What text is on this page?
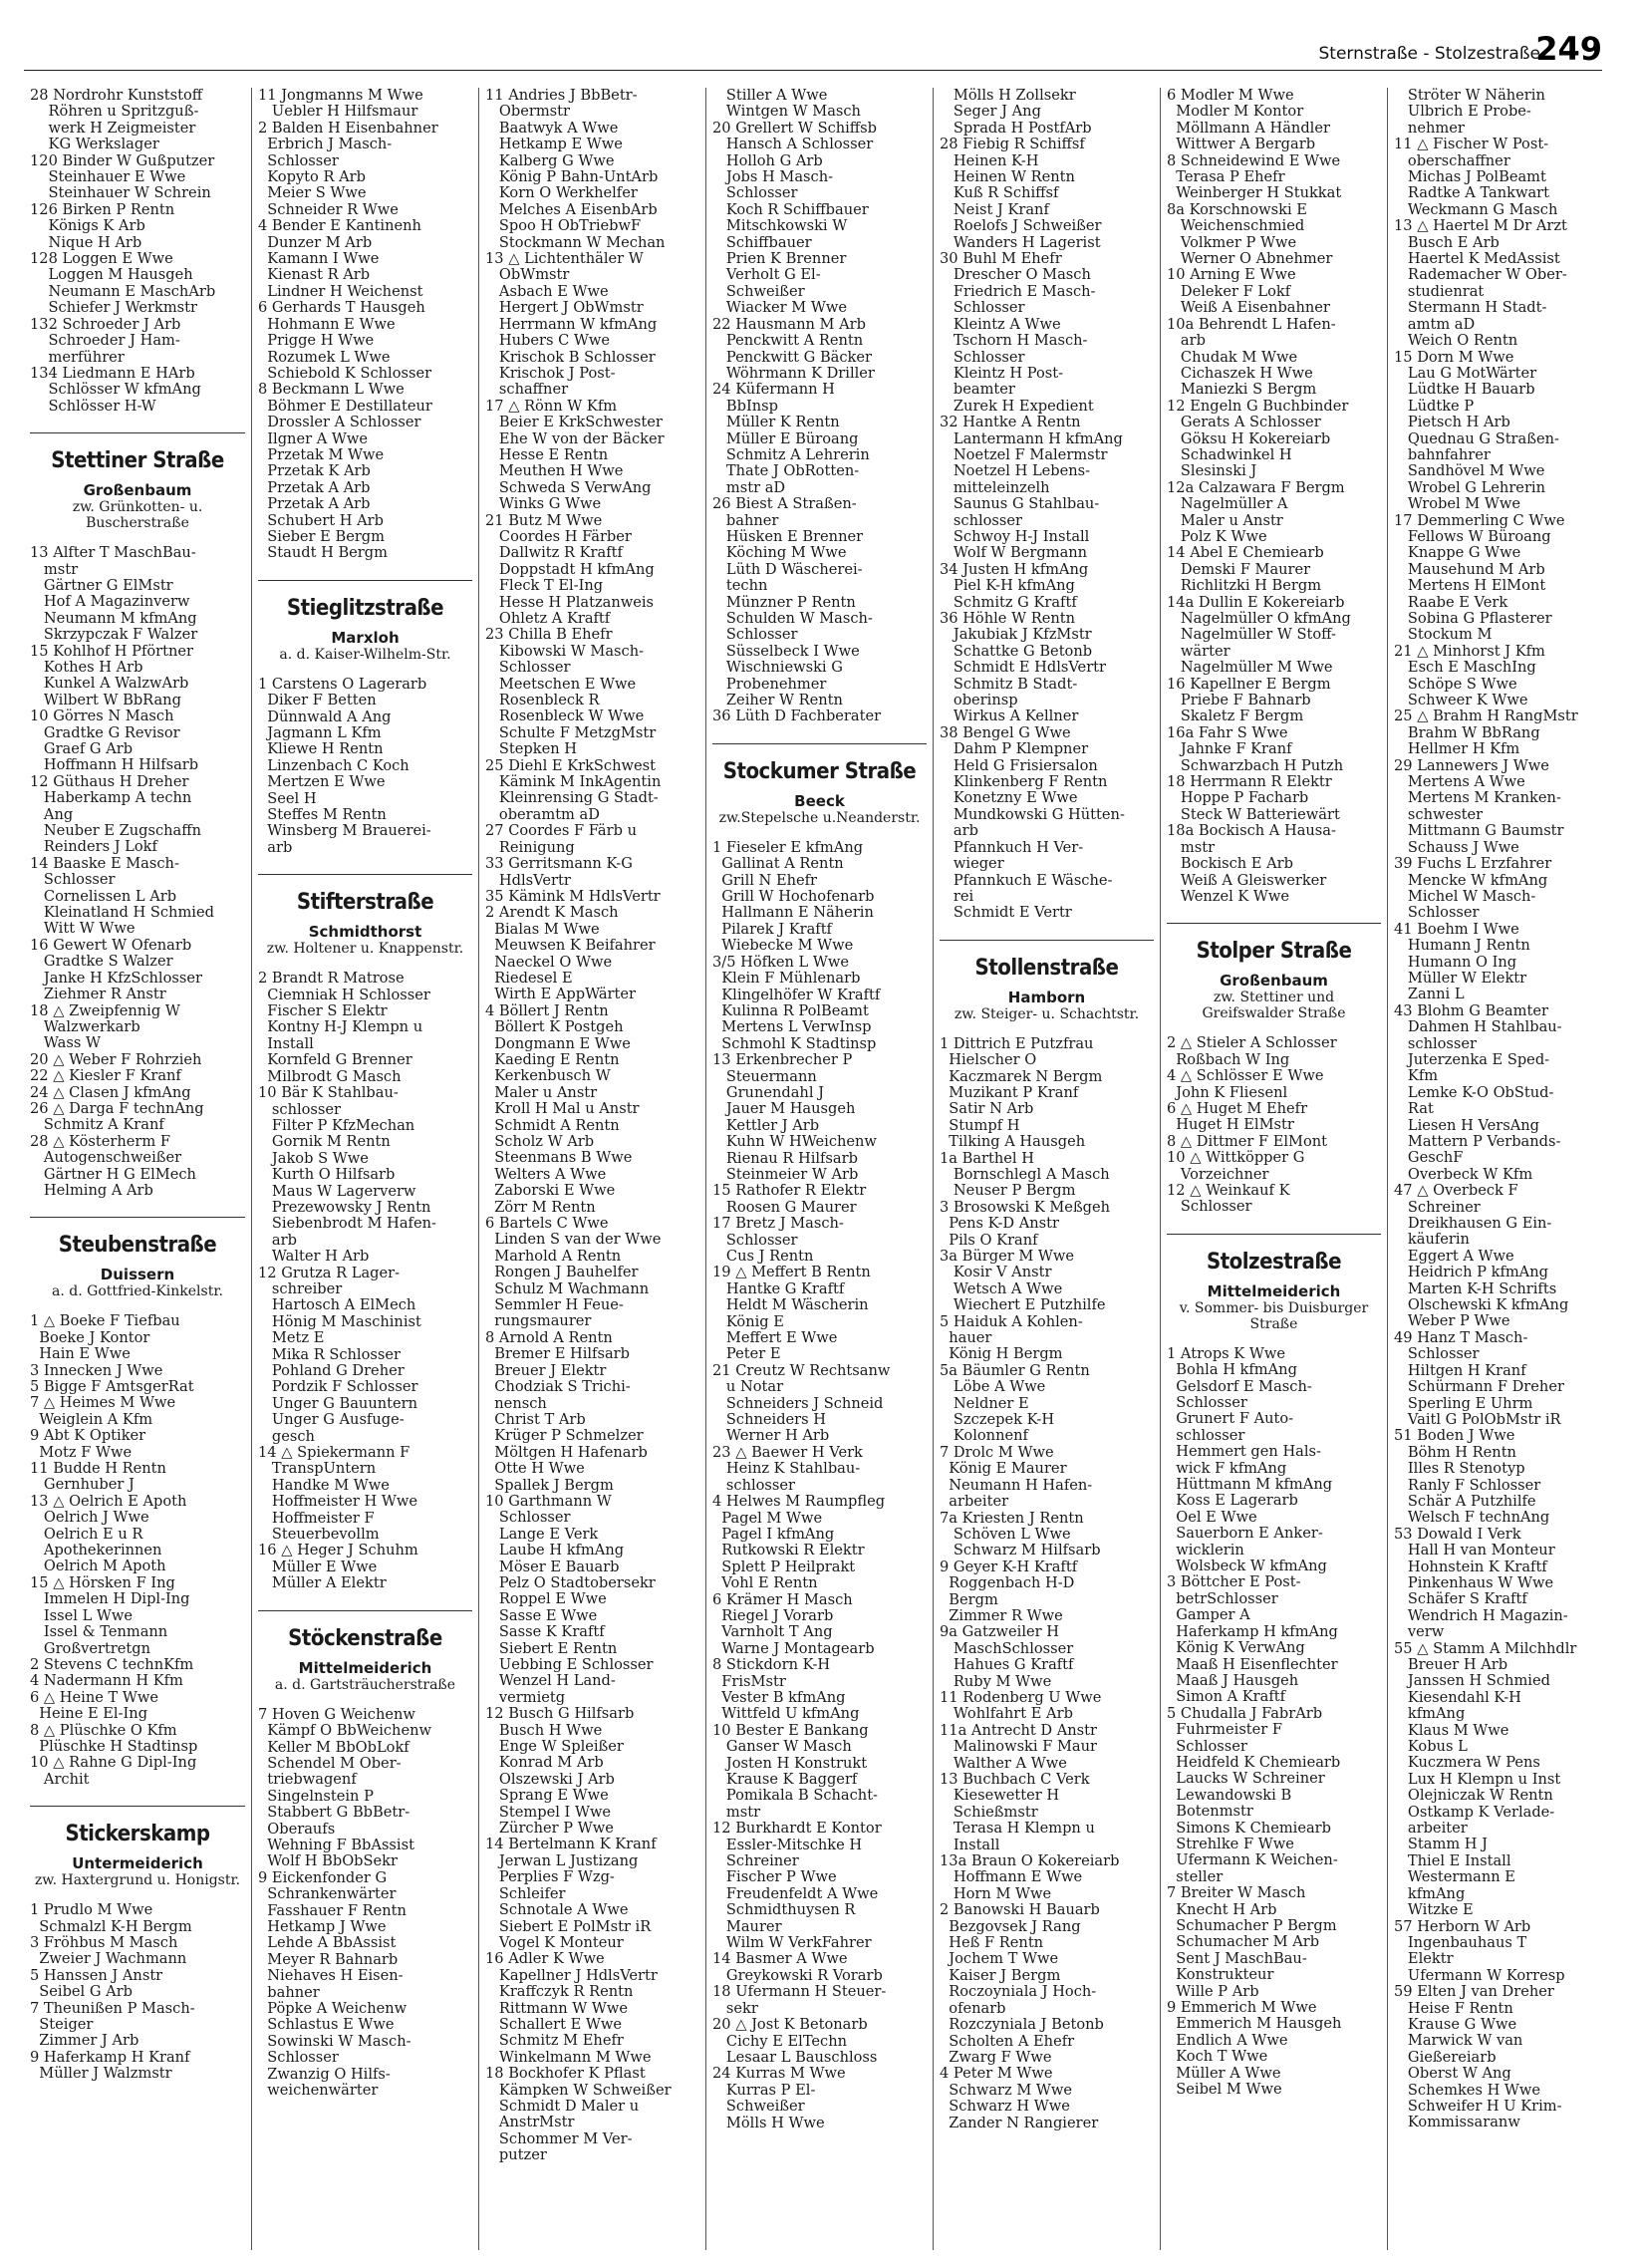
Sternstraße - Stolzestraße
249
28 Nordrohr Kunststoff
Röhren u Spritzguß-
werk H Zeigmeister
KG Werkslager
120 Binder W Gußputzer
Steinhauer E Wwe
Steinhauer W Schrein
126 Birken P Rentn
Königs K Arb
Nique H Arb
128 Loggen E Wwe
Loggen M Hausgeh
Neumann E MaschArb
Schiefer J Werkmstr
132 Schroeder J Arb
Schroeder J Ham-
merführer
134 Liedmann E HArb
Schlösser W kfmAng
Schlösser H-W
Stettiner Straße
Großenbaum
zw. Grünkotten- u. Buscherstraße
13 Alfter T MaschBau-
mstr
Gärtner G ElMstr
Hof A Magazinverw
Neumann M kfmAng
Skrzypczak F Walzer
15 Kohlhof H Pförtner
Kothes H Arb
Kunkel A WalzwArb
Wilbert W BbRang
10 Görres N Masch
Gradtke G Revisor
Graef G Arb
Hoffmann H Hilfsarb
12 Güthaus H Dreher
Haberkamp A techn
Ang
Neuber E Zugschaffn
Reinders J Lokf
14 Baaske E Masch-
Schlosser
Cornelissen L Arb
Kleinatland H Schmied
Witt W Wwe
16 Gewert W Ofenarb
Gradtke S Walzer
Janke H KfzSchlosser
Ziehmer R Anstr
18 △ Zweipfennig W
Walzwerkarb
Wass W
20 △ Weber F Rohrzieh
22 △ Kiesler F Kranf
24 △ Clasen J kfmAng
26 △ Darga F technAng
Schmitz A Kranf
28 △ Kösterherm F
Autogenschweißer
Gärtner H G ElMech
Helming A Arb
Steubenstraße
Duissern
a. d. Gottfried-Kinkelstr.
1 △ Boeke F Tiefbau
Boeke J Kontor
Hain E Wwe
3 Innecken J Wwe
5 Bigge F AmtsgerRat
7 △ Heimes M Wwe
Weiglein A Kfm
9 Abt K Optiker
Motz F Wwe
11 Budde H Rentn
Gernhuber J
13 △ Oelrich E Apoth
Oelrich J Wwe
Oelrich E u R
Apothekerinnen
Oelrich M Apoth
15 △ Hörsken F Ing
Immelen H Dipl-Ing
Issel L Wwe
Issel & Tenmann
Großvertretgn
2 Stevens C technKfm
4 Nadermann H Kfm
6 △ Heine T Wwe
Heine E El-Ing
8 △ Plüschke O Kfm
Plüschke H Stadtinsp
10 △ Rahne G Dipl-Ing
Archit
Stickerskamp
Untermeiderich
zw. Haxtergrund u. Honigstr.
1 Prudlo M Wwe
Schmalzl K-H Bergm
3 Fröhbus M Masch
Zweier J Wachmann
5 Hanssen J Anstr
Seibel G Arb
7 Theunißen P Masch-
Steiger
Zimmer J Arb
9 Haferkamp H Kranf
Müller J Walzmstr
11 Jongmanns M Wwe
Uebler H Hilfsmaur
2 Balden H Eisenbahner
Erbrich J Masch-
Schlosser
Kopyto R Arb
Meier S Wwe
Schneider R Wwe
4 Bender E Kantinenh
Dunzer M Arb
Kamann I Wwe
Kienast R Arb
Lindner H Weichenst
6 Gerhards T Hausgeh
Hohmann E Wwe
Prigge H Wwe
Rozumek L Wwe
Schiebold K Schlosser
8 Beckmann L Wwe
Böhmer E Destillateur
Drossler A Schlosser
Ilgner A Wwe
Przetak M Wwe
Przetak K Arb
Przetak A Arb
Przetak A Arb
Schubert H Arb
Sieber E Bergm
Staudt H Bergm
Stieglitzstraße
Marxloh
a. d. Kaiser-Wilhelm-Str.
1 Carstens O Lagerarb
Diker F Betten
Dünnwald A Ang
Jagmann L Kfm
Kliewe H Rentn
Linzenbach C Koch
Mertzen E Wwe
Seel H
Steffes M Rentn
Winsberg M Brauerei-
arb
Stifterstraße
Schmidthorst
zw. Holtener u. Knappenstr.
2 Brandt R Matrose
Ciemniak H Schlosser
Fischer S Elektr
Kontny H-J Klempn u
Install
Kornfeld G Brenner
Milbrodt G Masch
10 Bär K Stahlbau-
schlosser
Filter P KfzMechan
Gornik M Rentn
Jakob S Wwe
Kurth O Hilfsarb
Maus W Lagerverw
Prezewowsky J Rentn
Siebenbrodt M Hafen-
arb
Walter H Arb
12 Grutza R Lager-
schreiber
Hartosch A ElMech
Hönig M Maschinist
Metz E
Mika R Schlosser
Pohland G Dreher
Pordzik F Schlosser
Unger G Bauuntern
Unger G Ausfuge-
gesch
14 △ Spiekermann F
TranspUntern
Handke M Wwe
Hoffmeister H Wwe
Hoffmeister F
Steuerbevollm
16 △ Heger J Schuhm
Müller E Wwe
Müller A Elektr
Stöckenstraße
Mittelmeiderich
a. d. Gartsträucherstraße
7 Hoven G Weichenw
Kämpf O BbWeichenw
Keller M BbObLokf
Schendel M Ober-
triebwagenf
Singelnstein P
Stabbert G BbBetr-
Oberaufs
Wehning F BbAssist
Wolf H BbObSekr
9 Eickenfonder G
Schrankenwärter
Fasshauer F Rentn
Hetkamp J Wwe
Lehde A BbAssist
Meyer R Bahnarb
Niehaves H Eisen-
bahner
Pöpke A Weichenw
Schlastus E Wwe
Sowinski W Masch-
Schlosser
Zwanzig O Hilfs-
weichenwärter
11 Andries J BbBetr-
Obermstr
Baatwyk A Wwe
Hetkamp E Wwe
Kalberg G Wwe
König P Bahn-UntArb
Korn O Werkhelfer
Melches A EisenbArb
Spoo H ObTriebwF
Stockmann W Mechan
13 △ Lichtenthäler W
ObWmstr
Asbach E Wwe
Hergert J ObWmstr
Herrmann W kfmAng
Hubers C Wwe
Krischok B Schlosser
Krischok J Post-
schaffner
17 △ Rönn W Kfm
Beier E KrkSchwester
Ehe W von der Bäcker
Hesse E Rentn
Meuthen H Wwe
Schweda S VerwAng
Winks G Wwe
21 Butz M Wwe
Coordes H Färber
Dallwitz R Kraftf
Doppstadt H kfmAng
Fleck T El-Ing
Hesse H Platzanweis
Ohletz A Kraftf
23 Chilla B Ehefr
Kibowski W Masch-
Schlosser
Meetschen E Wwe
Rosenbleck R
Rosenbleck W Wwe
Schulte F MetzgMstr
Stepken H
25 Diehl E KrkSchwest
Kämink M InkAgentin
Kleinrensing G Stadt-
oberamtm aD
27 Coordes F Färb u
Reinigung
33 Gerritsmann K-G
HdlsVertr
35 Kämink M HdlsVertr
2 Arendt K Masch
Bialas M Wwe
Meuwsen K Beifahrer
Naeckel O Wwe
Riedesel E
Wirth E AppWärter
4 Böllert J Rentn
Böllert K Postgeh
Dongmann E Wwe
Kaeding E Rentn
Kerkenbusch W
Maler u Anstr
Kroll H Mal u Anstr
Schmidt A Rentn
Scholz W Arb
Steenmans B Wwe
Welters A Wwe
Zaborski E Wwe
Zörr M Rentn
6 Bartels C Wwe
Linden S van der Wwe
Marhold A Rentn
Rongen J Bauhelfer
Schulz M Wachmann
Semmler H Feue-
rungsmaurer
8 Arnold A Rentn
Bremer E Hilfsarb
Breuer J Elektr
Chodziak S Trichi-
nensch
Christ T Arb
Krüger P Schmelzer
Möltgen H Hafenarb
Otte H Wwe
Spallek J Bergm
10 Garthmann W
Schlosser
Lange E Verk
Laube H kfmAng
Möser E Bauarb
Pelz O Stadtobersekr
Roppel E Wwe
Sasse E Wwe
Sasse K Kraftf
Siebert E Rentn
Uebbing E Schlosser
Wenzel H Land-
vermietg
12 Busch G Hilfsarb
Busch H Wwe
Enge W Spleißer
Konrad M Arb
Olszewski J Arb
Sprang E Wwe
Stempel I Wwe
Zürcher P Wwe
14 Bertelmann K Kranf
Jerwan L Justizang
Perplies F Wzg-
Schleifer
Schnotale A Wwe
Siebert E PolMstr iR
Vogel K Monteur
16 Adler K Wwe
Kapellner J HdlsVertr
Kraffczyk R Rentn
Rittmann W Wwe
Schallert E Wwe
Schmitz M Ehefr
Winkelmann M Wwe
18 Bockhofer K Pflast
Kämpken W Schweißer
Schmidt D Maler u
AnstrMstr
Schommer M Ver-
putzer
Stiller A Wwe
Wintgen W Masch
20 Grellert W Schiffsb
Hansch A Schlosser
Holloh G Arb
Jobs H Masch-
Schlosser
Koch R Schiffbauer
Mitschkowski W
Schiffbauer
Prien K Brenner
Verholt G El-
Schweißer
Wiacker M Wwe
22 Hausmann M Arb
Penckwitt A Rentn
Penckwitt G Bäcker
Wöhrmann K Driller
24 Küfermann H
BbInsp
Müller K Rentn
Müller E Büroang
Schmitz A Lehrerin
Thate J ObRotten-
mstr aD
26 Biest A Straßen-
bahner
Hüsken E Brenner
Köching M Wwe
Lüth D Wäscherei-
techn
Münzner P Rentn
Schulden W Masch-
Schlosser
Süsselbeck I Wwe
Wischniewski G
Probenehmer
Zeiher W Rentn
36 Lüth D Fachberater
Stockumer Straße
Beeck
zw.Stepelsche u.Neanderstr.
1 Fieseler E kfmAng
Gallinat A Rentn
Grill N Ehefr
Grill W Hochofenarb
Hallmann E Näherin
Pilarek J Kraftf
Wiebecke M Wwe
3/5 Höfken L Wwe
Klein F Mühlenarb
Klingelhöfer W Kraftf
Kulinna R PolBeamt
Mertens L VerwInsp
Schmohl K Stadtinsp
13 Erkenbrecher P
Steuermann
Grunendahl J
Jauer M Hausgeh
Kettler J Arb
Kuhn W HWeichenw
Rienau R Hilfsarb
Steinmeier W Arb
15 Rathofer R Elektr
Roosen G Maurer
17 Bretz J Masch-
Schlosser
Cus J Rentn
19 △ Meffert B Rentn
Hantke G Kraftf
Heldt M Wäscherin
König E
Meffert E Wwe
Peter E
21 Creutz W Rechtsanw
u Notar
Schneiders J Schneid
Schneiders H
Werner H Arb
23 △ Baewer H Verk
Heinz K Stahlbau-
schlosser
4 Helwes M Raumpfleg
Pagel M Wwe
Pagel I kfmAng
Rutkowski R Elektr
Splett P Heilprakt
Vohl E Rentn
6 Krämer H Masch
Riegel J Vorarb
Varnholt T Ang
Warne J Montagearb
8 Stickdorn K-H
FrisMstr
Vester B kfmAng
Wittfeld U kfmAng
10 Bester E Bankang
Ganser W Masch
Josten H Konstrukt
Krause K Baggerf
Pomikala B Schacht-
mstr
12 Burkhardt E Kontor
Essler-Mitschke H
Schreiner
Fischer P Wwe
Freudenfeldt A Wwe
Schmidthuysen R
Maurer
Wilm W VerkFahrer
14 Basmer A Wwe
Greykowski R Vorarb
18 Ufermann H Steuer-
sekr
20 △ Jost K Betonarb
Cichy E ElTechn
Lesaar L Bauschloss
24 Kurras M Wwe
Kurras P El-
Schweißer
Mölls H Wwe
Mölls H Zollsekr
Seger J Ang
Sprada H PostfArb
28 Fiebig R Schiffsf
Heinen K-H
Heinen W Rentn
Kuß R Schiffsf
Neist J Kranf
Roelofs J Schweißer
Wanders H Lagerist
30 Buhl M Ehefr
Drescher O Masch
Friedrich E Masch-
Schlosser
Kleintz A Wwe
Tschorn H Masch-
Schlosser
Kleintz H Post-
beamter
Zurek H Expedient
32 Hantke A Rentn
Lantermann H kfmAng
Noetzel F Malermstr
Noetzel H Lebens-
mitteleinzelh
Saunus G Stahlbau-
schlosser
Schwoy H-J Install
Wolf W Bergmann
34 Justen H kfmAng
Piel K-H kfmAng
Schmitz G Kraftf
36 Höhle W Rentn
Jakubiak J KfzMstr
Schattke G Betonb
Schmidt E HdlsVertr
Schmitz B Stadt-
oberinsp
Wirkus A Kellner
38 Bengel G Wwe
Dahm P Klempner
Held G Frisiersalon
Klinkenberg F Rentn
Konetzny E Wwe
Mundkowski G Hütten-
arb
Pfannkuch H Ver-
wieger
Pfannkuch E Wäsche-
rei
Schmidt E Vertr
Stollenstraße
Hamborn
zw. Steiger- u. Schachtstr.
1 Dittrich E Putzfrau
Hielscher O
Kaczmarek N Bergm
Muzikant P Kranf
Satir N Arb
Stumpf H
Tilking A Hausgeh
1a Barthel H
Bornschlegl A Masch
Neuser P Bergm
3 Brosowski K Meßgeh
Pens K-D Anstr
Pils O Kranf
3a Bürger M Wwe
Kosir V Anstr
Wetsch A Wwe
Wiechert E Putzhilfe
5 Haiduk A Kohlen-
hauer
König H Bergm
5a Bäumler G Rentn
Löbe A Wwe
Neldner E
Szczepek K-H
Kolonnenf
7 Drolc M Wwe
König E Maurer
Neumann H Hafen-
arbeiter
7a Kriesten J Rentn
Schöven L Wwe
Schwarz M Hilfsarb
9 Geyer K-H Kraftf
Roggenbach H-D
Bergm
Zimmer R Wwe
9a Gatzweiler H
MaschSchlosser
Hahues G Kraftf
Ruby M Wwe
11 Rodenberg U Wwe
Wohlfahrt E Arb
11a Antrecht D Anstr
Malinowski F Maur
Walther A Wwe
13 Buchbach C Verk
Kiesewetter H
Schießmstr
Terasa H Klempn u
Install
13a Braun O Kokereiarb
Hoffmann E Wwe
Horn M Wwe
2 Banowski H Bauarb
Bezgovsek J Rang
Heß F Rentn
Jochem T Wwe
Kaiser J Bergm
Roczoyniala J Hoch-
ofenarb
Rozczyniala J Betonb
Scholten A Ehefr
Zwarg F Wwe
4 Peter M Wwe
Schwarz M Wwe
Schwarz H Wwe
Zander N Rangierer
6 Modler M Wwe
Modler M Kontor
Möllmann A Händler
Wittwer A Bergarb
8 Schneidewind E Wwe
Terasa P Ehefr
Weinberger H Stukkat
8a Korschnowski E
Weichenschmied
Volkmer P Wwe
Werner O Abnehmer
10 Arning E Wwe
Deleker F Lokf
Weiß A Eisenbahner
10a Behrendt L Hafen-
arb
Chudak M Wwe
Cichaszek H Wwe
Maniezki S Bergm
12 Engeln G Buchbinder
Gerats A Schlosser
Göksu H Kokereiarb
Schadwinkel H
Slesinski J
12a Calzawara F Bergm
Nagelmüller A
Maler u Anstr
Polz K Wwe
14 Abel E Chemiearb
Demski F Maurer
Richlitzki H Bergm
14a Dullin E Kokereiarb
Nagelmüller O kfmAng
Nagelmüller W Stoff-
wärter
Nagelmüller M Wwe
16 Kapellner E Bergm
Priebe F Bahnarb
Skaletz F Bergm
16a Fahr S Wwe
Jahnke F Kranf
Schwarzbach H Putzh
18 Herrmann R Elektr
Hoppe P Facharb
Steck W Batteriewärt
18a Bockisch A Hausa-
mstr
Bockisch E Arb
Weiß A Gleiswerker
Wenzel K Wwe
Stolper Straße
Großenbaum
zw. Stettiner und Greifswalder Straße
2 △ Stieler A Schlosser
Roßbach W Ing
4 △ Schlösser E Wwe
John K Fliesenl
6 △ Huget M Ehefr
Huget H ElMstr
8 △ Dittmer F ElMont
10 △ Wittköpper G
Vorzeichner
12 △ Weinkauf K
Schlosser
Stolzestraße
Mittelmeiderich
v. Sommer- bis Duisburger Straße
1 Atrops K Wwe
Bohla H kfmAng
Gelsdorf E Masch-
Schlosser
Grunert F Auto-
schlosser
Hemmert gen Hals-
wick F kfmAng
Hüttmann M kfmAng
Koss E Lagerarb
Oel E Wwe
Sauerborn E Anker-
wicklerin
Wolsbeck W kfmAng
3 Böttcher E Post-
betrSchlosser
Gamper A
Haferkamp H kfmAng
König K VerwAng
Maaß H Eisenflechter
Maaß J Hausgeh
Simon A Kraftf
5 Chudalla J FabrArb
Fuhrmeister F
Schlosser
Heidfeld K Chemiearb
Laucks W Schreiner
Lewandowski B
Botenmstr
Simons K Chemiearb
Strehlke F Wwe
Ufermann K Weichen-
steller
7 Breiter W Masch
Knecht H Arb
Schumacher P Bergm
Schumacher M Arb
Sent J MaschBau-
Konstrukteur
Wille P Arb
9 Emmerich M Wwe
Emmerich M Hausgeh
Endlich A Wwe
Koch T Wwe
Müller A Wwe
Seibel M Wwe
Ströter W Näherin
Ulbrich E Probe-
nehmer
11 △ Fischer W Post-
oberschaffner
Michas J PolBeamt
Radtke A Tankwart
Weckmann G Masch
13 △ Haertel M Dr Arzt
Busch E Arb
Haertel K MedAssist
Rademacher W Ober-
studienrat
Stermann H Stadt-
amtm aD
Weich O Rentn
15 Dorn M Wwe
Lau G MotWärter
Lüdtke H Bauarb
Lüdtke P
Pietsch H Arb
Quednau G Straßen-
bahnfahrer
Sandhövel M Wwe
Wrobel G Lehrerin
Wrobel M Wwe
17 Demmerling C Wwe
Fellows W Büroang
Knappe G Wwe
Mausehund M Arb
Mertens H ElMont
Raabe E Verk
Sobina G Pflasterer
Stockum M
21 △ Minhorst J Kfm
Esch E MaschIng
Schöpe S Wwe
Schweer K Wwe
25 △ Brahm H RangMstr
Brahm W BbRang
Hellmer H Kfm
29 Lannewers J Wwe
Mertens A Wwe
Mertens M Kranken-
schwester
Mittmann G Baumstr
Schauss J Wwe
39 Fuchs L Erzfahrer
Mencke W kfmAng
Michel W Masch-
Schlosser
41 Boehm I Wwe
Humann J Rentn
Humann O Ing
Müller W Elektr
Zanni L
43 Blohm G Beamter
Dahmen H Stahlbau-
schlosser
Juterzenka E Sped-
Kfm
Lemke K-O ObStud-
Rat
Liesen H VersAng
Mattern P Verbands-
GeschF
Overbeck W Kfm
47 △ Overbeck F
Schreiner
Dreikhausen G Ein-
käuferin
Eggert A Wwe
Heidrich P kfmAng
Marten K-H Schrifts
Olschewski K kfmAng
Weber P Wwe
49 Hanz T Masch-
Schlosser
Hiltgen H Kranf
Schürmann F Dreher
Sperling E Uhrm
Vaitl G PolObMstr iR
51 Boden J Wwe
Böhm H Rentn
Illes R Stenotyp
Ranly F Schlosser
Schär A Putzhilfe
Welsch F technAng
53 Dowald I Verk
Hall H van Monteur
Hohnstein K Kraftf
Pinkenhaus W Wwe
Schäfer S Kraftf
Wendrich H Magazin-
verw
55 △ Stamm A Milchhdlr
Breuer H Arb
Janssen H Schmied
Kiesendahl K-H
kfmAng
Klaus M Wwe
Kobus L
Kuczmera W Pens
Lux H Klempn u Inst
Olejniczak W Rentn
Ostkamp K Verlade-
arbeiter
Stamm H J
Thiel E Install
Westermann E
kfmAng
Witzke E
57 Herborn W Arb
Ingenbauhaus T
Elektr
Ufermann W Korresp
59 Elten J van Dreher
Heise F Rentn
Krause G Wwe
Marwick W van
Gießereiarb
Oberst W Ang
Schemkes H Wwe
Schweifer H U Krim-
Kommissaranw
